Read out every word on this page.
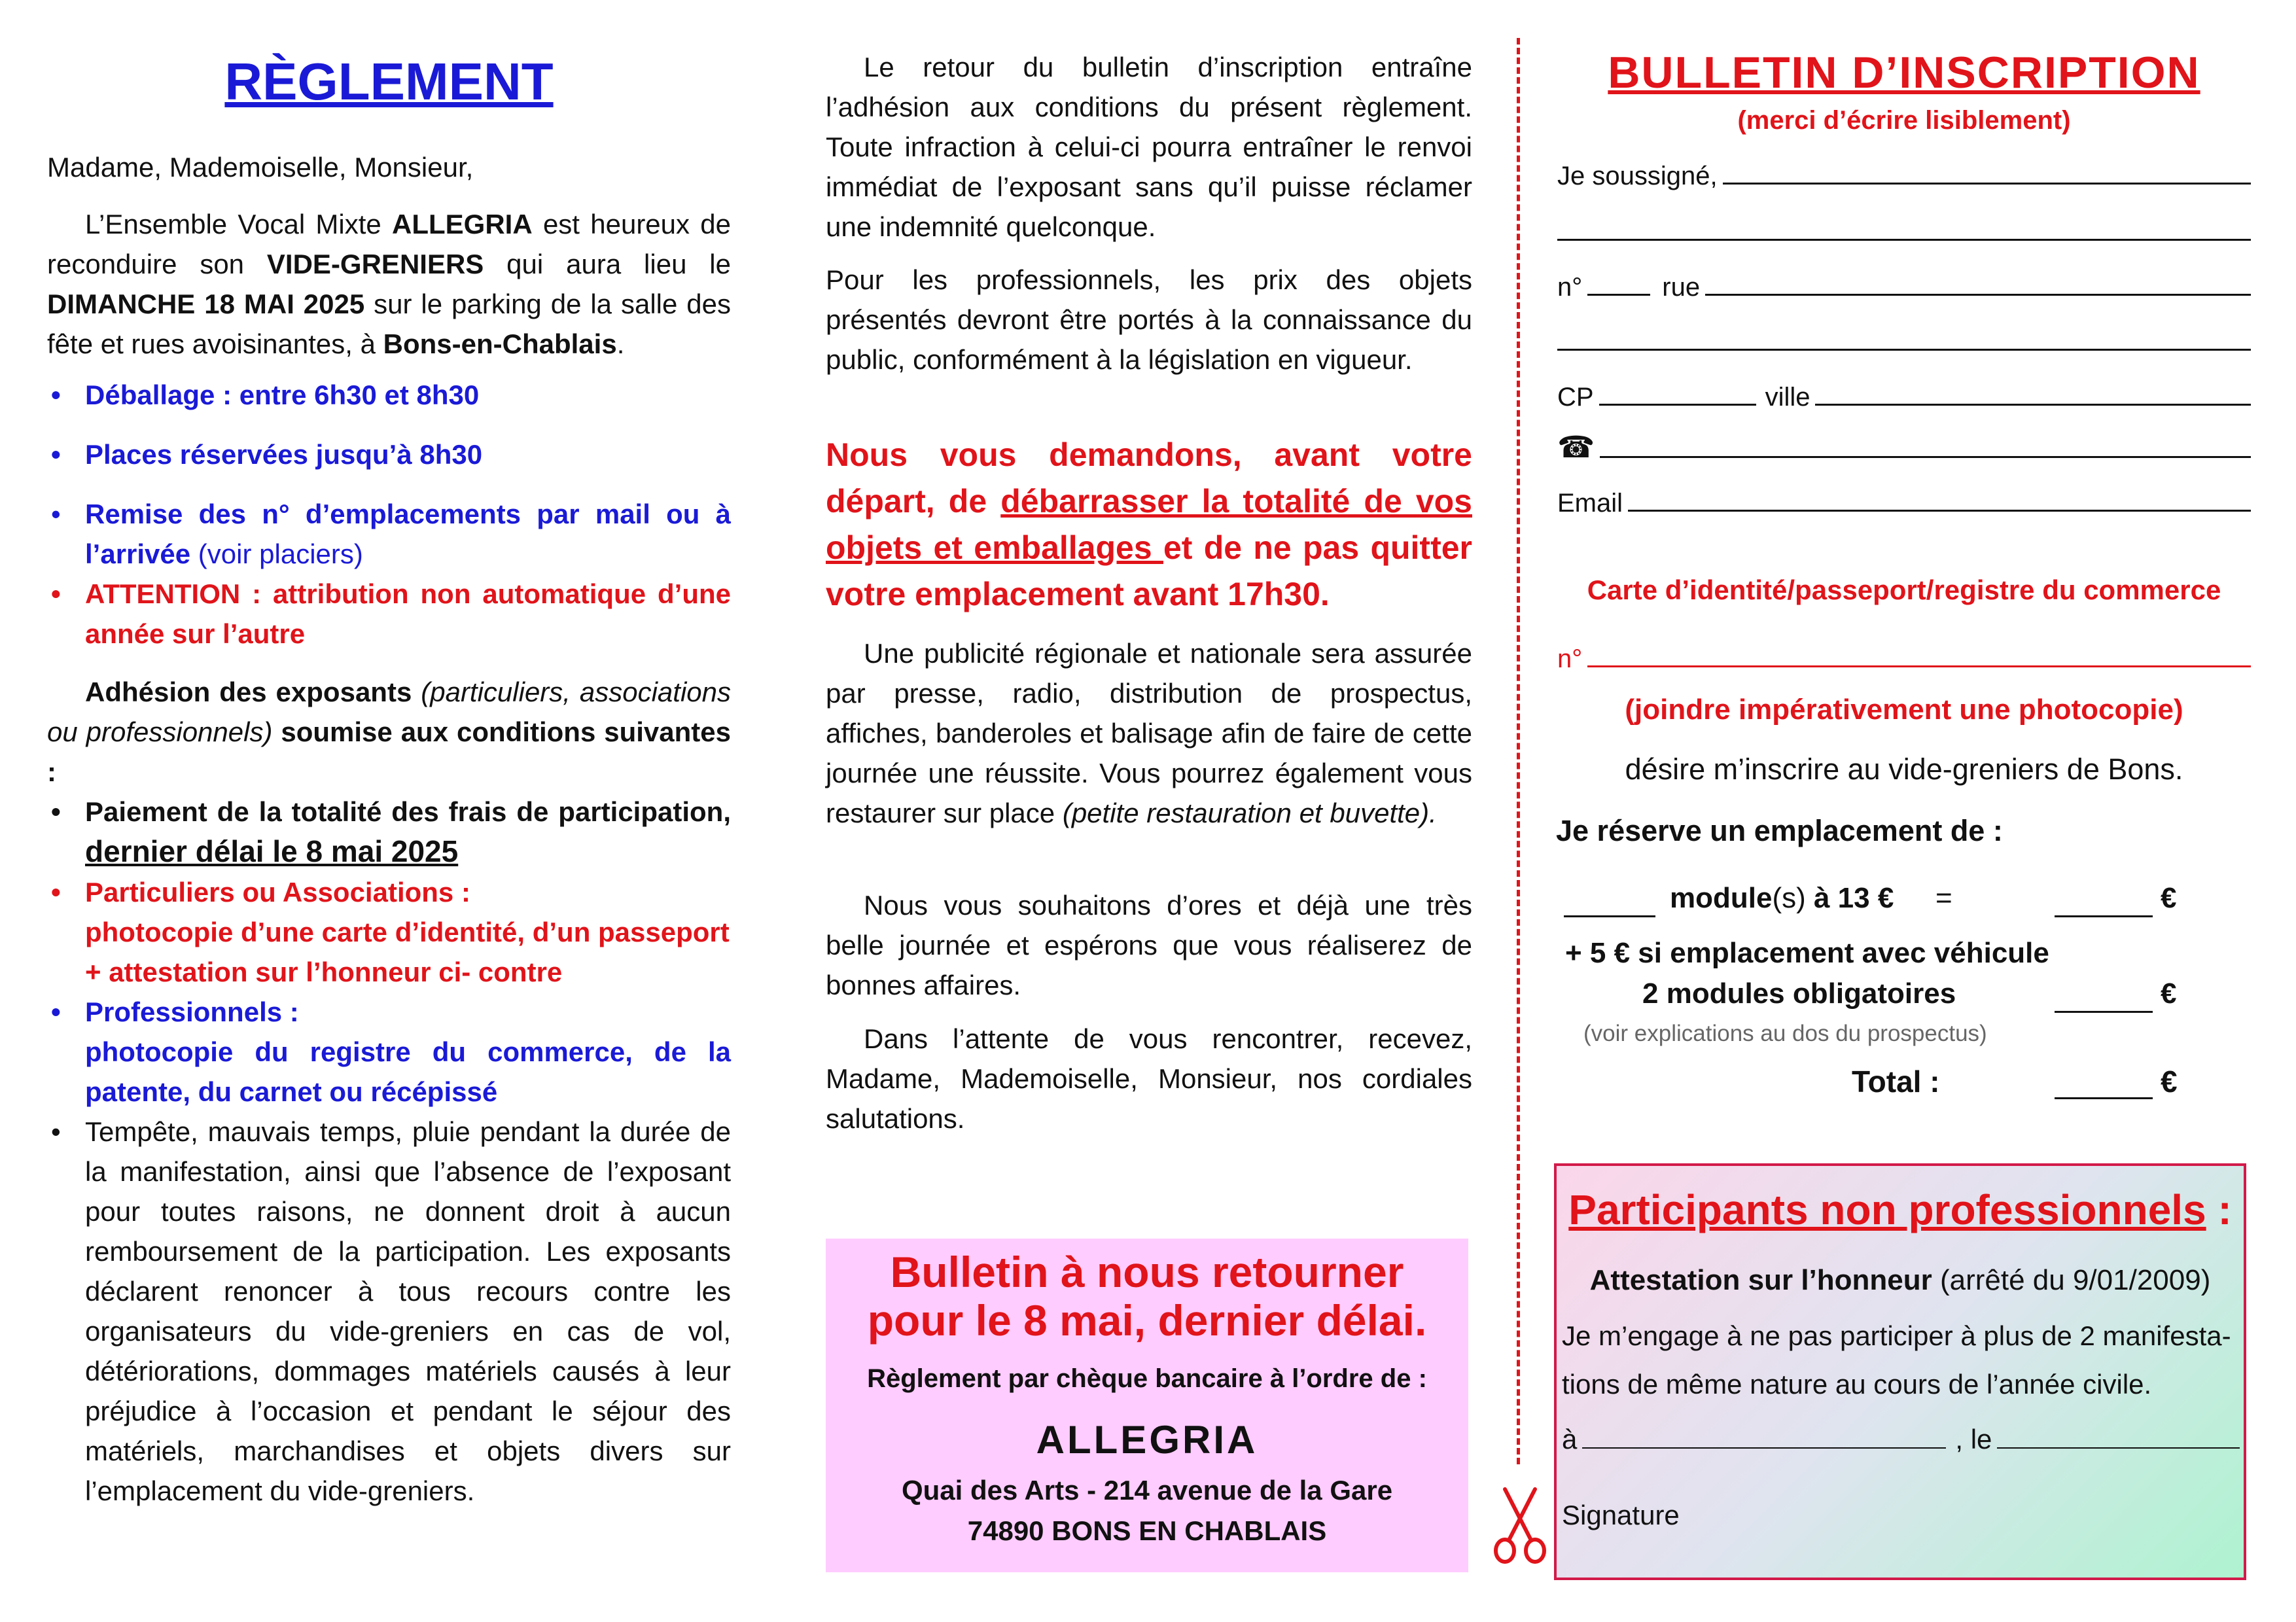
RÈGLEMENT

Madame, Mademoiselle, Monsieur,

L’Ensemble Vocal Mixte ALLEGRIA est heureux de reconduire son VIDE-GRENIERS qui aura lieu le DIMANCHE 18 MAI 2025 sur le parking de la salle des fête et rues avoisinantes, à Bons-en-Chablais.

• Déballage : entre 6h30 et 8h30
• Places réservées jusqu’à 8h30
• Remise des n° d’emplacements par mail ou à l’arrivée (voir placiers)
• ATTENTION : attribution non automatique d’une année sur l’autre

Adhésion des exposants (particuliers, associations ou professionnels) soumise aux conditions suivantes :

• Paiement de la totalité des frais de participation, dernier délai le 8 mai 2025
• Particuliers ou Associations :
photocopie d’une carte d’identité, d’un passeport + attestation sur l’honneur ci- contre
• Professionnels :
photocopie du registre du commerce, de la patente, du carnet ou récépissé
• Tempête, mauvais temps, pluie pendant la durée de la manifestation, ainsi que l’absence de l’exposant pour toutes raisons, ne donnent droit à aucun remboursement de la participation. Les exposants déclarent renoncer à tous recours contre les organisateurs du vide-greniers en cas de vol, détériorations, dommages matériels causés à leur préjudice à l’occasion et pendant le séjour des matériels, marchandises et objets divers sur l’emplacement du vide-greniers.

Le retour du bulletin d’inscription entraîne l’adhésion aux conditions du présent règlement. Toute infraction à celui-ci pourra entraîner le renvoi immédiat de l’exposant sans qu’il puisse réclamer une indemnité quelconque.

Pour les professionnels, les prix des objets présentés devront être portés à la connaissance du public, conformément à la législation en vigueur.

Nous vous demandons, avant votre départ, de débarrasser la totalité de vos objets et emballages et de ne pas quitter votre emplacement avant 17h30.

Une publicité régionale et nationale sera assurée par presse, radio, distribution de prospectus, affiches, banderoles et balisage afin de faire de cette journée une réussite. Vous pourrez également vous restaurer sur place (petite restauration et buvette).

Nous vous souhaitons d’ores et déjà une très belle journée et espérons que vous réaliserez de bonnes affaires.

Dans l’attente de vous rencontrer, recevez, Madame, Mademoiselle, Monsieur, nos cordiales salutations.

Bulletin à nous retourner

pour le 8 mai, dernier délai.

Règlement par chèque bancaire à l’ordre de :

ALLEGRIA

Quai des Arts - 214 avenue de la Gare

74890 BONS EN CHABLAIS

BULLETIN D’INSCRIPTION

(merci d’écrire lisiblement)

Je soussigné,
n°	rue
CP	ville
☎
Email

Carte d’identité/passeport/registre du commerce

n°

(joindre impérativement une photocopie)

désire m’inscrire au vide-greniers de Bons.

Je réserve un emplacement de :

module(s) à 13 € =	€

+ 5 € si emplacement avec véhicule

2 modules obligatoires	€

(voir explications au dos du prospectus)

Total :	€

Participants non professionnels :

Attestation sur l’honneur (arrêté du 9/01/2009)

Je m’engage à ne pas participer à plus de 2 manifesta-

tions de même nature au cours de l’année civile.

à	, le

Signature
